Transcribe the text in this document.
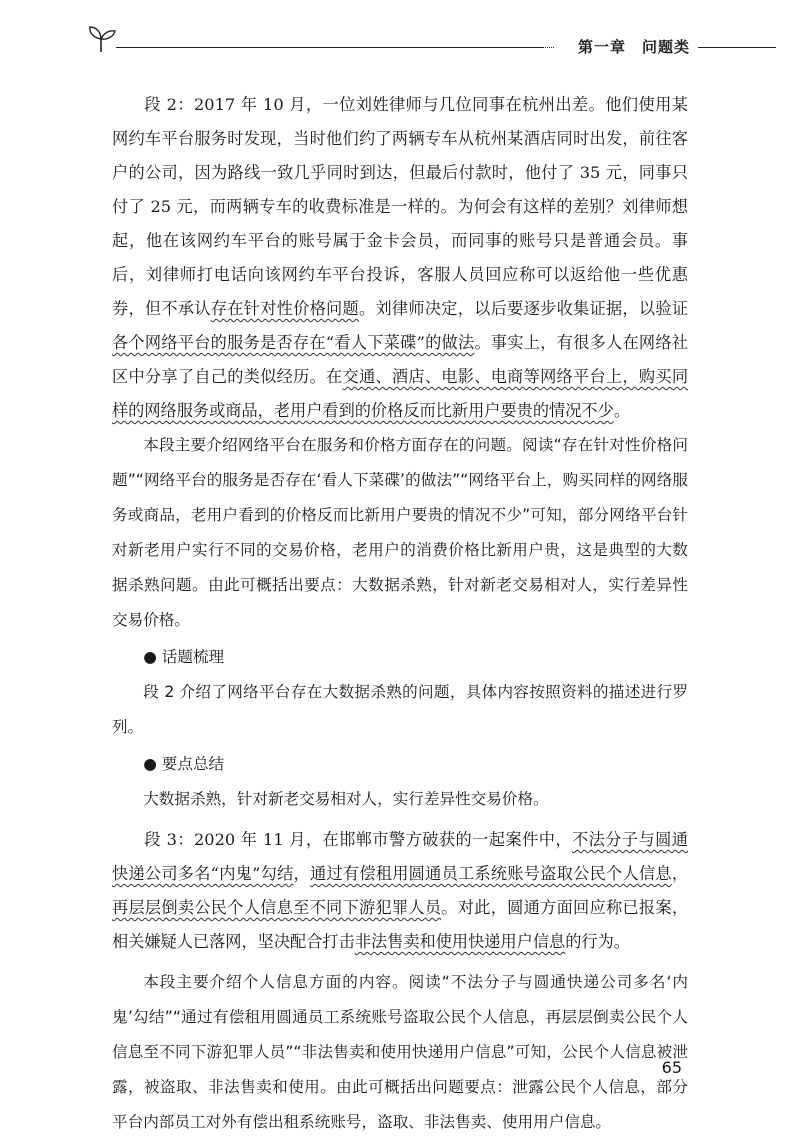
第一章 问题类

段 2：2017 年 10 月，一位刘姓律师与几位同事在杭州出差。他们使用某网约车平台服务时发现，当时他们约了两辆专车从杭州某酒店同时出发，前往客户的公司，因为路线一致几乎同时到达，但最后付款时，他付了 35 元，同事只付了 25 元，而两辆专车的收费标准是一样的。为何会有这样的差别？刘律师想起，他在该网约车平台的账号属于金卡会员，而同事的账号只是普通会员。事后，刘律师打电话向该网约车平台投诉，客服人员回应称可以返给他一些优惠券，但不承认存在针对性价格问题。刘律师决定，以后要逐步收集证据，以验证各个网络平台的服务是否存在“看人下菜碟”的做法。事实上，有很多人在网络社区中分享了自己的类似经历。在交通、酒店、电影、电商等网络平台上，购买同样的网络服务或商品，老用户看到的价格反而比新用户要贵的情况不少。

本段主要介绍网络平台在服务和价格方面存在的问题。阅读“存在针对性价格问题”“网络平台的服务是否存在‘看人下菜碟’的做法”“网络平台上，购买同样的网络服务或商品，老用户看到的价格反而比新用户要贵的情况不少”可知，部分网络平台针对新老用户实行不同的交易价格，老用户的消费价格比新用户贵，这是典型的大数据杀熟问题。由此可概括出要点：大数据杀熟，针对新老交易相对人，实行差异性交易价格。

● 话题梳理

段 2 介绍了网络平台存在大数据杀熟的问题，具体内容按照资料的描述进行罗列。

● 要点总结

大数据杀熟，针对新老交易相对人，实行差异性交易价格。

段 3：2020 年 11 月，在邯郸市警方破获的一起案件中，不法分子与圆通快递公司多名“内鬼”勾结，通过有偿租用圆通员工系统账号盗取公民个人信息，再层层倒卖公民个人信息至不同下游犯罪人员。对此，圆通方面回应称已报案，相关嫌疑人已落网，坚决配合打击非法售卖和使用快递用户信息的行为。

本段主要介绍个人信息方面的内容。阅读“不法分子与圆通快递公司多名‘内鬼’勾结”“通过有偿租用圆通员工系统账号盗取公民个人信息，再层层倒卖公民个人信息至不同下游犯罪人员”“非法售卖和使用快递用户信息”可知，公民个人信息被泄露，被盗取、非法售卖和使用。由此可概括出问题要点：泄露公民个人信息，部分平台内部员工对外有偿出租系统账号，盗取、非法售卖、使用用户信息。

65
